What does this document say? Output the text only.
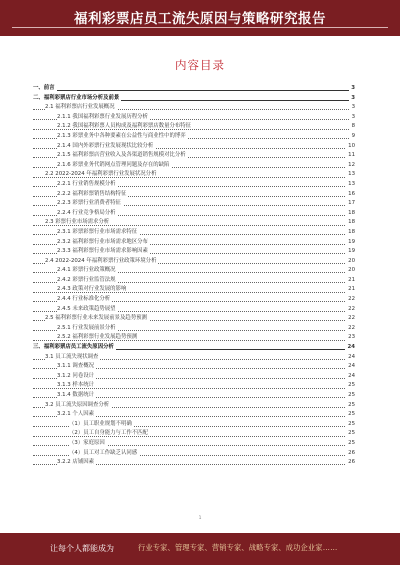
福利彩票店员工流失原因与策略研究报告
内容目录
一、前言	3
二、福利彩票店行业市场分析及前景	3
2.1 福利彩票店行业发展概况	3
2.1.1 我国福利彩票行业发展历程分析	3
2.1.2 我国福利彩票人员构成及福利彩票店数量分布特征	8
2.1.3 彩票业务中各种要素在公益性与商业性中的博弈	9
2.1.4 国内外彩票行业发展现状比较分析	10
2.1.5 福利彩票店营业收入及各渠道销售规模对比分析	11
2.1.6 彩票业务代销网点管理问题及存在的缺陷	12
2.2 2022-2024 年福利彩票行业发展状况分析	13
2.2.1 行业销售规模分析	13
2.2.2 福利彩票销售结构特征	16
2.2.3 彩票行业消费者特征	17
2.2.4 行业竞争格局分析	18
2.3 彩票行业市场需求分析	18
2.3.1 彩票彩票行业市场需求特征	18
2.3.2 福利彩票行业市场需求地区分布	19
2.3.3 福利彩票行业市场需求影响因素	19
2.4 2022-2024 年福利彩票行业政策环境分析	20
2.4.1 彩票行业政策概况	20
2.4.2 彩票行业监管法规	21
2.4.3 政策对行业发展的影响	21
2.4.4 行业标准化分析	22
2.4.5 未来政策趋势展望	22
2.5 福利彩票行业未来发展前景及趋势预测	22
2.5.1 行业发展前景分析	22
2.5.2 福利彩票行业发展趋势预测	23
三、福利彩票店员工流失原因分析	24
3.1 员工流失现状调查	24
3.1.1 调查概况	24
3.1.2 问卷设计	24
3.1.3 样本统计	25
3.1.4 数据统计	25
3.2 员工流失原因调查分析	25
3.2.1 个人因素	25
（1）员工职业规划不明确	25
（2）员工自身能力与工作不匹配	25
（3）家庭原因	25
（4）员工对工作缺乏认同感	26
3.2.2 店铺因素	26
1
让每个人都能成为	行业专家、管理专家、营销专家、战略专家、成功企业家……
